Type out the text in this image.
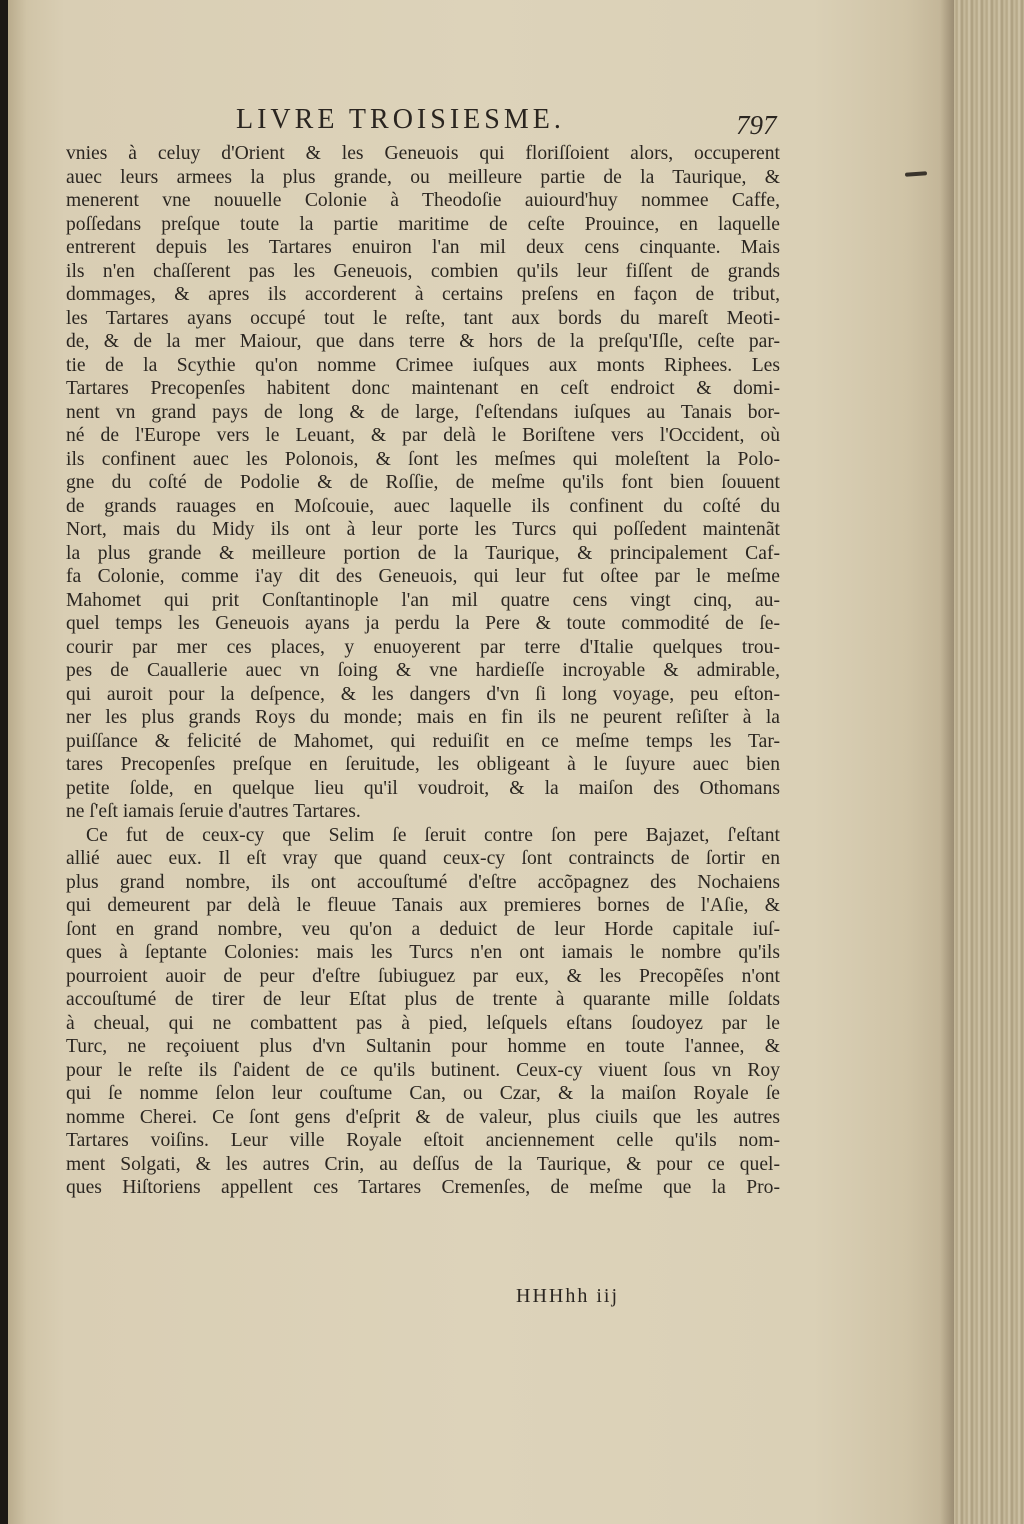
LIVRE TROISIESME.	797
vnies à celuy d'Orient & les Geneuois qui floriſſoient alors, occuperent
auec leurs armees la plus grande, ou meilleure partie de la Taurique, &
menerent vne nouuelle Colonie à Theodoſie auiourd'huy nommee Caffe,
poſſedans preſque toute la partie maritime de ceſte Prouince, en laquelle
entrerent depuis les Tartares enuiron l'an mil deux cens cinquante. Mais
ils n'en chaſſerent pas les Geneuois, combien qu'ils leur fiſſent de grands
dommages, & apres ils accorderent à certains preſens en façon de tribut,
les Tartares ayans occupé tout le reſte, tant aux bords du mareſt Meoti-
de, & de la mer Maiour, que dans terre & hors de la preſqu'Iſle, ceſte par-
tie de la Scythie qu'on nomme Crimee iuſques aux monts Riphees. Les
Tartares Precopenſes habitent donc maintenant en ceſt endroict & domi-
nent vn grand pays de long & de large, ſ'eſtendans iuſques au Tanais bor-
né de l'Europe vers le Leuant, & par delà le Boriſtene vers l'Occident, où
ils confinent auec les Polonois, & ſont les meſmes qui moleſtent la Polo-
gne du coſté de Podolie & de Roſſie, de meſme qu'ils font bien ſouuent
de grands rauages en Moſcouie, auec laquelle ils confinent du coſté du
Nort, mais du Midy ils ont à leur porte les Turcs qui poſſedent maintenãt
la plus grande & meilleure portion de la Taurique, & principalement Caf-
fa Colonie, comme i'ay dit des Geneuois, qui leur fut oſtee par le meſme
Mahomet qui prit Conſtantinople l'an mil quatre cens vingt cinq, au-
quel temps les Geneuois ayans ja perdu la Pere & toute commodité de ſe-
courir par mer ces places, y enuoyerent par terre d'Italie quelques trou-
pes de Cauallerie auec vn ſoing & vne hardieſſe incroyable & admirable,
qui auroit pour la deſpence, & les dangers d'vn ſi long voyage, peu eſton-
ner les plus grands Roys du monde; mais en fin ils ne peurent reſiſter à la
puiſſance & felicité de Mahomet, qui reduiſit en ce meſme temps les Tar-
tares Precopenſes preſque en ſeruitude, les obligeant à le ſuyure auec bien
petite ſolde, en quelque lieu qu'il voudroit, & la maiſon des Othomans
ne ſ'eſt iamais ſeruie d'autres Tartares.
Ce fut de ceux-cy que Selim ſe ſeruit contre ſon pere Bajazet, ſ'eſtant
allié auec eux. Il eſt vray que quand ceux-cy ſont contraincts de ſortir en
plus grand nombre, ils ont accouſtumé d'eſtre accõpagnez des Nochaiens
qui demeurent par delà le fleuue Tanais aux premieres bornes de l'Aſie, &
ſont en grand nombre, veu qu'on a deduict de leur Horde capitale iuſ-
ques à ſeptante Colonies: mais les Turcs n'en ont iamais le nombre qu'ils
pourroient auoir de peur d'eſtre ſubiuguez par eux, & les Precopẽſes n'ont
accouſtumé de tirer de leur Eſtat plus de trente à quarante mille ſoldats
à cheual, qui ne combattent pas à pied, leſquels eſtans ſoudoyez par le
Turc, ne reçoiuent plus d'vn Sultanin pour homme en toute l'annee, &
pour le reſte ils ſ'aident de ce qu'ils butinent. Ceux-cy viuent ſous vn Roy
qui ſe nomme ſelon leur couſtume Can, ou Czar, & la maiſon Royale ſe
nomme Cherei. Ce ſont gens d'eſprit & de valeur, plus ciuils que les autres
Tartares voiſins. Leur ville Royale eſtoit anciennement celle qu'ils nom-
ment Solgati, & les autres Crin, au deſſus de la Taurique, & pour ce quel-
ques Hiſtoriens appellent ces Tartares Cremenſes, de meſme que la Pro-
HHHhh iij
